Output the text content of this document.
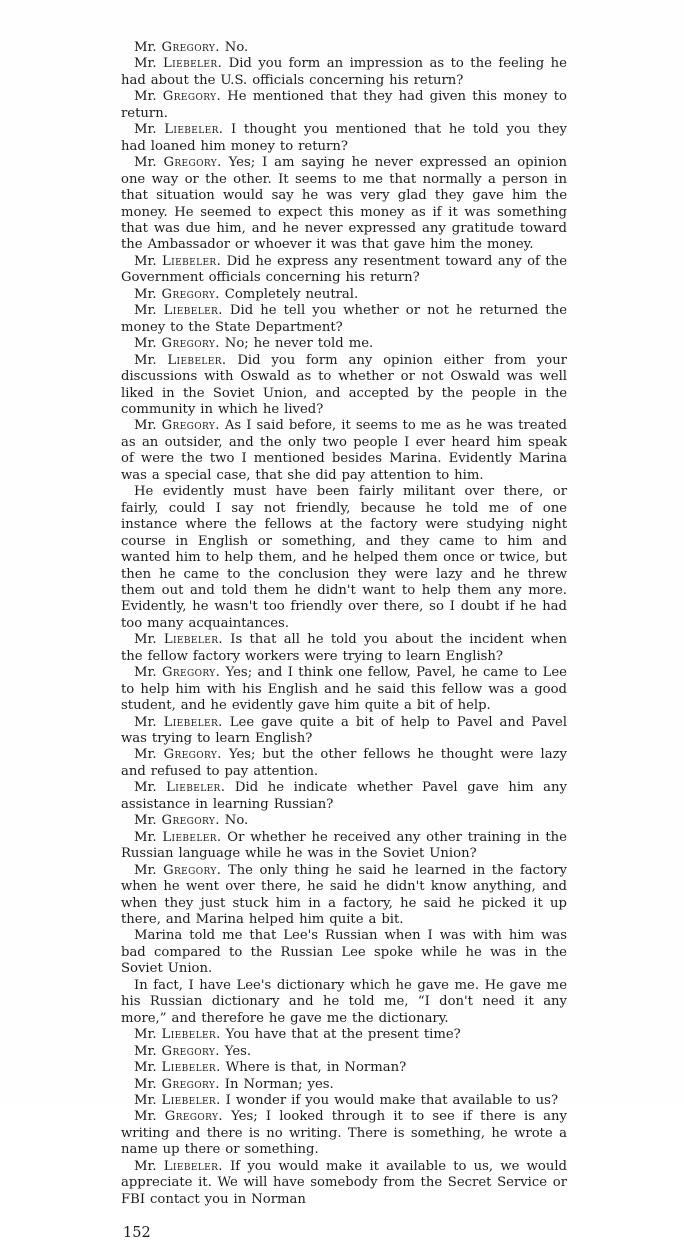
Mr. Gregory. No.

Mr. Liebeler. Did you form an impression as to the feeling he had about the U.S. officials concerning his return?

Mr. Gregory. He mentioned that they had given this money to return.

Mr. Liebeler. I thought you mentioned that he told you they had loaned him money to return?

Mr. Gregory. Yes; I am saying he never expressed an opinion one way or the other. It seems to me that normally a person in that situation would say he was very glad they gave him the money. He seemed to expect this money as if it was something that was due him, and he never expressed any gratitude toward the Ambassador or whoever it was that gave him the money.

Mr. Liebeler. Did he express any resentment toward any of the Government officials concerning his return?

Mr. Gregory. Completely neutral.

Mr. Liebeler. Did he tell you whether or not he returned the money to the State Department?

Mr. Gregory. No; he never told me.

Mr. Liebeler. Did you form any opinion either from your discussions with Oswald as to whether or not Oswald was well liked in the Soviet Union, and accepted by the people in the community in which he lived?

Mr. Gregory. As I said before, it seems to me as he was treated as an outsider, and the only two people I ever heard him speak of were the two I mentioned besides Marina. Evidently Marina was a special case, that she did pay attention to him.

He evidently must have been fairly militant over there, or fairly, could I say not friendly, because he told me of one instance where the fellows at the factory were studying night course in English or something, and they came to him and wanted him to help them, and he helped them once or twice, but then he came to the conclusion they were lazy and he threw them out and told them he didn't want to help them any more. Evidently, he wasn't too friendly over there, so I doubt if he had too many acquaintances.

Mr. Liebeler. Is that all he told you about the incident when the fellow factory workers were trying to learn English?

Mr. Gregory. Yes; and I think one fellow, Pavel, he came to Lee to help him with his English and he said this fellow was a good student, and he evidently gave him quite a bit of help.

Mr. Liebeler. Lee gave quite a bit of help to Pavel and Pavel was trying to learn English?

Mr. Gregory. Yes; but the other fellows he thought were lazy and refused to pay attention.

Mr. Liebeler. Did he indicate whether Pavel gave him any assistance in learning Russian?

Mr. Gregory. No.

Mr. Liebeler. Or whether he received any other training in the Russian language while he was in the Soviet Union?

Mr. Gregory. The only thing he said he learned in the factory when he went over there, he said he didn't know anything, and when they just stuck him in a factory, he said he picked it up there, and Marina helped him quite a bit.

Marina told me that Lee's Russian when I was with him was bad compared to the Russian Lee spoke while he was in the Soviet Union.

In fact, I have Lee's dictionary which he gave me. He gave me his Russian dictionary and he told me, “I don't need it any more,” and therefore he gave me the dictionary.

Mr. Liebeler. You have that at the present time?

Mr. Gregory. Yes.

Mr. Liebeler. Where is that, in Norman?

Mr. Gregory. In Norman; yes.

Mr. Liebeler. I wonder if you would make that available to us?

Mr. Gregory. Yes; I looked through it to see if there is any writing and there is no writing. There is something, he wrote a name up there or something.

Mr. Liebeler. If you would make it available to us, we would appreciate it. We will have somebody from the Secret Service or FBI contact you in Norman

152
